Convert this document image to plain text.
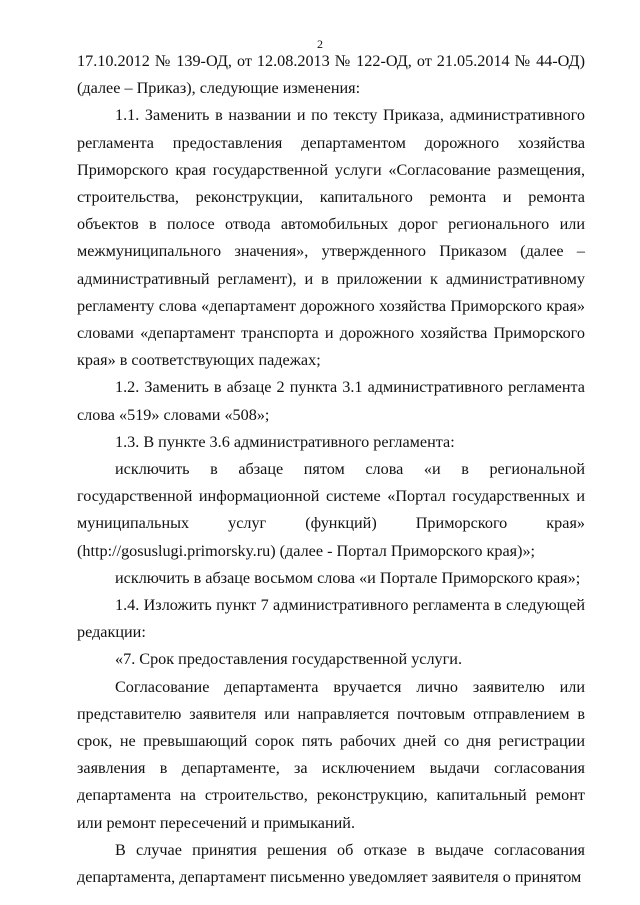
2

17.10.2012 № 139-ОД, от 12.08.2013 № 122-ОД, от 21.05.2014 № 44-ОД) (далее – Приказ), следующие изменения:

1.1. Заменить в названии и по тексту Приказа, административного регламента предоставления департаментом дорожного хозяйства Приморского края государственной услуги «Согласование размещения, строительства, реконструкции, капитального ремонта и ремонта объектов в полосе отвода автомобильных дорог регионального или межмуниципального значения», утвержденного Приказом (далее – административный регламент), и в приложении к административному регламенту слова «департамент дорожного хозяйства Приморского края» словами «департамент транспорта и дорожного хозяйства Приморского края» в соответствующих падежах;

1.2. Заменить в абзаце 2 пункта 3.1 административного регламента слова «519» словами «508»;

1.3. В пункте 3.6 административного регламента:

исключить в абзаце пятом слова «и в региональной государственной информационной системе «Портал государственных и муниципальных услуг (функций) Приморского края» (http://gosuslugi.primorsky.ru) (далее - Портал Приморского края)»;

исключить в абзаце восьмом слова «и Портале Приморского края»;

1.4. Изложить пункт 7 административного регламента в следующей редакции:

«7. Срок предоставления государственной услуги.

Согласование департамента вручается лично заявителю или представителю заявителя или направляется почтовым отправлением в срок, не превышающий сорок пять рабочих дней со дня регистрации заявления в департаменте, за исключением выдачи согласования департамента на строительство, реконструкцию, капитальный ремонт или ремонт пересечений и примыканий.

В случае принятия решения об отказе в выдаче согласования департамента, департамент письменно уведомляет заявителя о принятом
